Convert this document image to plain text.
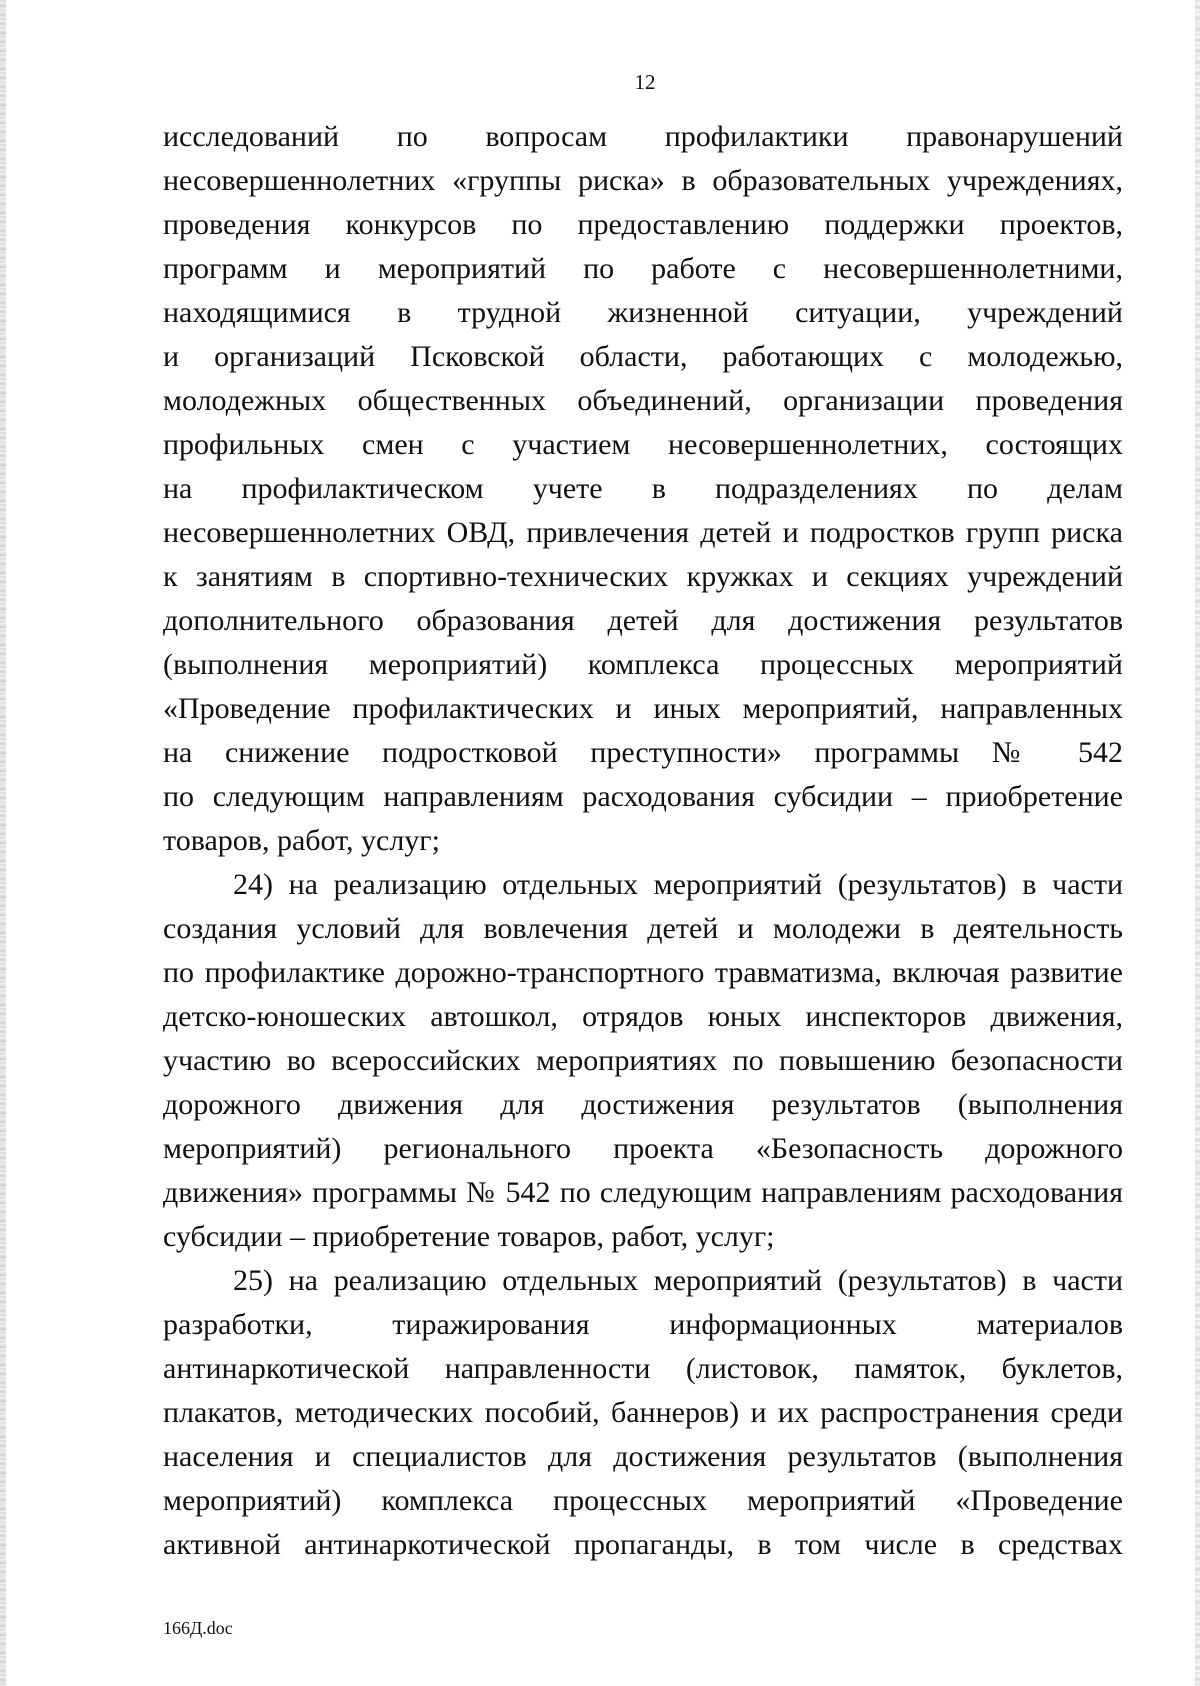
12

исследований по вопросам профилактики правонарушений
несовершеннолетних «группы риска» в образовательных учреждениях,
проведения конкурсов по предоставлению поддержки проектов,
программ и мероприятий по работе с несовершеннолетними,
находящимися в трудной жизненной ситуации, учреждений
и организаций Псковской области, работающих с молодежью,
молодежных общественных объединений, организации проведения
профильных смен с участием несовершеннолетних, состоящих
на профилактическом учете в подразделениях по делам
несовершеннолетних ОВД, привлечения детей и подростков групп риска
к занятиям в спортивно-технических кружках и секциях учреждений
дополнительного образования детей для достижения результатов
(выполнения мероприятий) комплекса процессных мероприятий
«Проведение профилактических и иных мероприятий, направленных
на снижение подростковой преступности» программы № 542
по следующим направлениям расходования субсидии – приобретение
товаров, работ, услуг;

24) на реализацию отдельных мероприятий (результатов) в части
создания условий для вовлечения детей и молодежи в деятельность
по профилактике дорожно-транспортного травматизма, включая развитие
детско-юношеских автошкол, отрядов юных инспекторов движения,
участию во всероссийских мероприятиях по повышению безопасности
дорожного движения для достижения результатов (выполнения
мероприятий) регионального проекта «Безопасность дорожного
движения» программы № 542 по следующим направлениям расходования
субсидии – приобретение товаров, работ, услуг;

25) на реализацию отдельных мероприятий (результатов) в части
разработки, тиражирования информационных материалов
антинаркотической направленности (листовок, памяток, буклетов,
плакатов, методических пособий, баннеров) и их распространения среди
населения и специалистов для достижения результатов (выполнения
мероприятий) комплекса процессных мероприятий «Проведение
активной антинаркотической пропаганды, в том числе в средствах

166Д.doc
